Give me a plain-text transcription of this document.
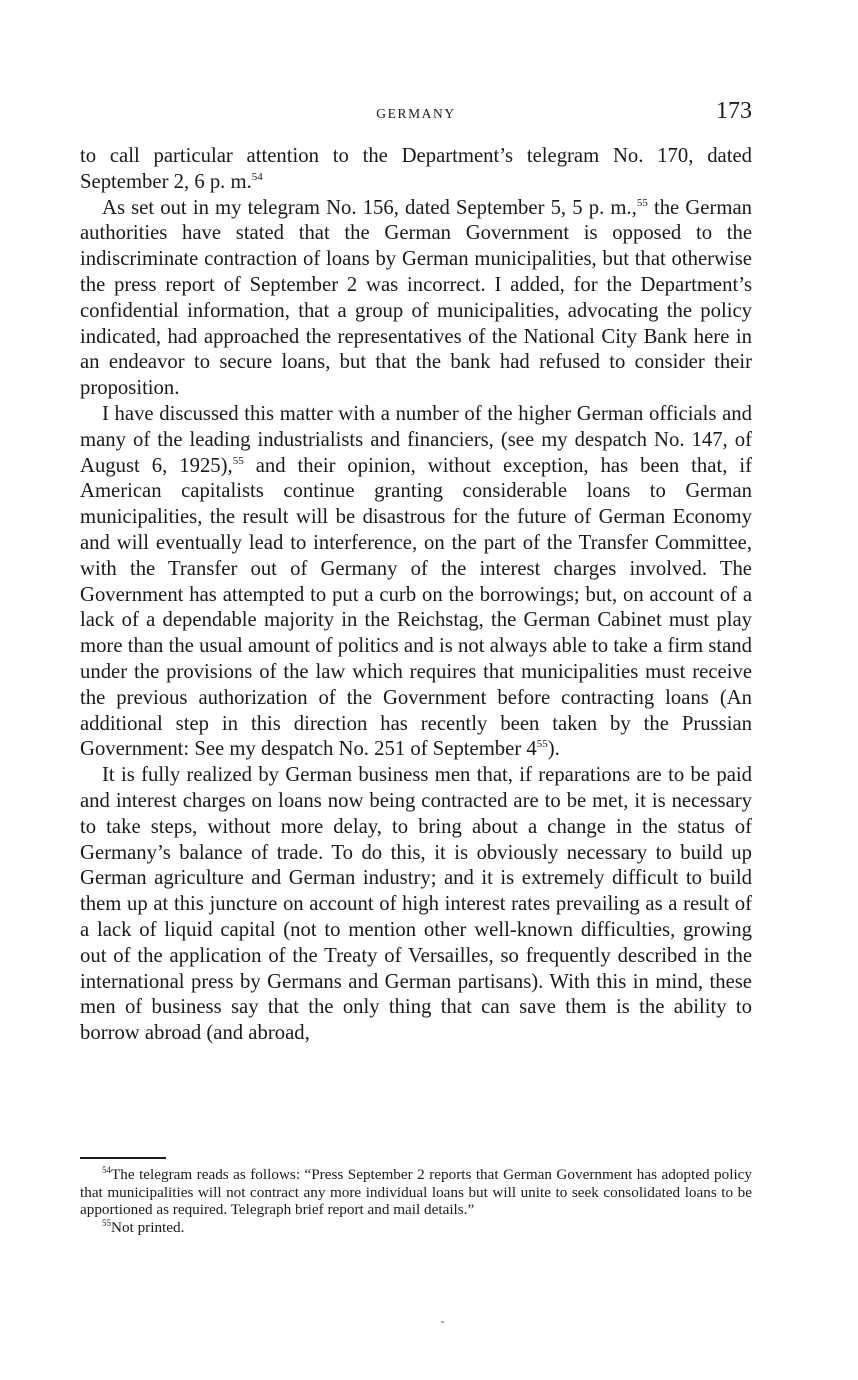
GERMANY	173

to call particular attention to the Department’s telegram No. 170, dated September 2, 6 p. m.$^{54}$

As set out in my telegram No. 156, dated September 5, 5 p. m.,$^{55}$ the German authorities have stated that the German Government is opposed to the indiscriminate contraction of loans by German municipalities, but that otherwise the press report of September 2 was incorrect. I added, for the Department’s confidential information, that a group of municipalities, advocating the policy indicated, had approached the representatives of the National City Bank here in an endeavor to secure loans, but that the bank had refused to consider their proposition.

I have discussed this matter with a number of the higher German officials and many of the leading industrialists and financiers, (see my despatch No. 147, of August 6, 1925),$^{55}$ and their opinion, without exception, has been that, if American capitalists continue granting considerable loans to German municipalities, the result will be disastrous for the future of German Economy and will eventually lead to interference, on the part of the Transfer Committee, with the Transfer out of Germany of the interest charges involved. The Government has attempted to put a curb on the borrowings; but, on account of a lack of a dependable majority in the Reichstag, the German Cabinet must play more than the usual amount of politics and is not always able to take a firm stand under the provisions of the law which requires that municipalities must receive the previous authorization of the Government before contracting loans (An additional step in this direction has recently been taken by the Prussian Government: See my despatch No. 251 of September $4^{55}$).

It is fully realized by German business men that, if reparations are to be paid and interest charges on loans now being contracted are to be met, it is necessary to take steps, without more delay, to bring about a change in the status of Germany’s balance of trade. To do this, it is obviously necessary to build up German agriculture and German industry; and it is extremely difficult to build them up at this juncture on account of high interest rates prevailing as a result of a lack of liquid capital (not to mention other well-known difficulties, growing out of the application of the Treaty of Versailles, so frequently described in the international press by Germans and German partisans). With this in mind, these men of business say that the only thing that can save them is the ability to borrow abroad (and abroad,

$^{54}$The telegram reads as follows: “Press September 2 reports that German Government has adopted policy that municipalities will not contract any more individual loans but will unite to seek consolidated loans to be apportioned as required. Telegraph brief report and mail details.”

$^{55}$Not printed.
